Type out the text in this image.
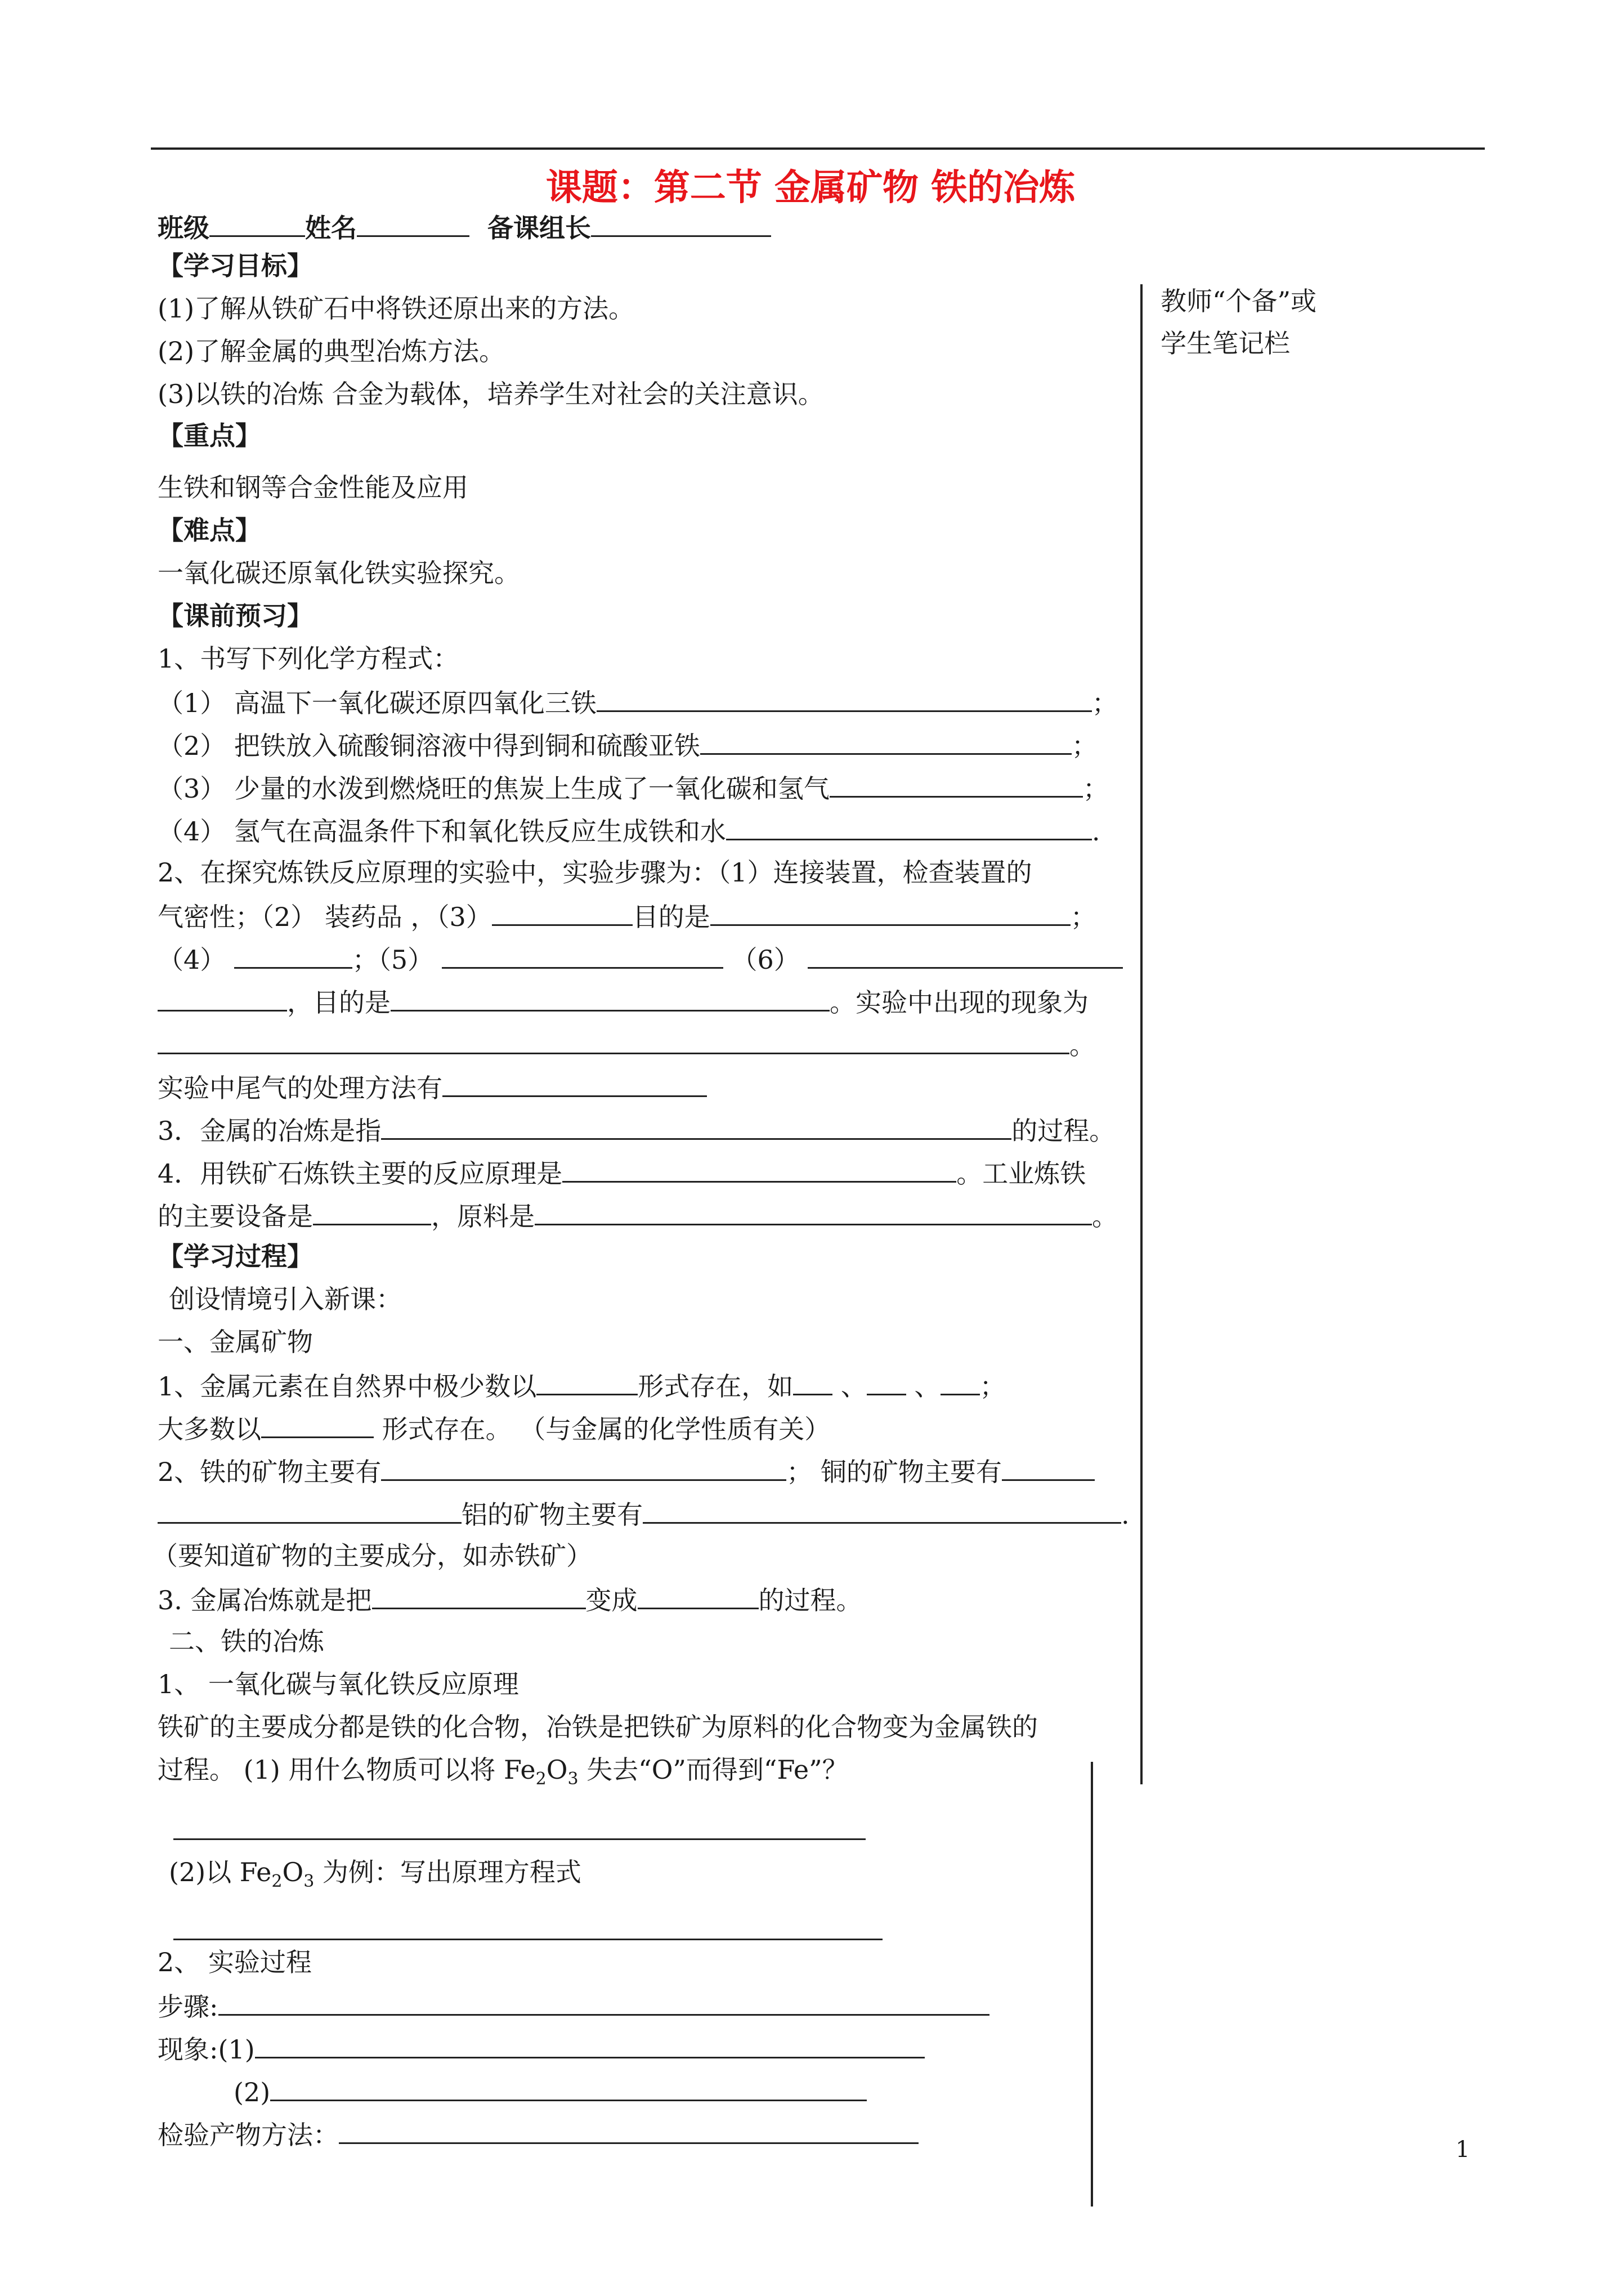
课题：第二节 金属矿物 铁的冶炼
班级	姓名	备课组长
教师“个备”或
学生笔记栏
【学习目标】
(1)了解从铁矿石中将铁还原出来的方法。
(2)了解金属的典型冶炼方法。
(3)以铁的冶炼 合金为载体，培养学生对社会的关注意识。
【重点】
生铁和钢等合金性能及应用
【难点】
一氧化碳还原氧化铁实验探究。
【课前预习】
1、书写下列化学方程式：
（1） 高温下一氧化碳还原四氧化三铁	；
（2） 把铁放入硫酸铜溶液中得到铜和硫酸亚铁	；
（3） 少量的水泼到燃烧旺的焦炭上生成了一氧化碳和氢气	；
（4） 氢气在高温条件下和氧化铁反应生成铁和水	.
2、在探究炼铁反应原理的实验中，实验步骤为：（1）连接装置，检查装置的
气密性；（2） 装药品 ，（3）	目的是	；
（4）	；（5）	（6）
，目的是	。实验中出现的现象为
。
实验中尾气的处理方法有
3．金属的冶炼是指	的过程。
4．用铁矿石炼铁主要的反应原理是	。工业炼铁
的主要设备是	，原料是	。
【学习过程】
创设情境引入新课：
一、金属矿物
1、金属元素在自然界中极少数以	形式存在，如 、 、 ；
大多数以	形式存在。 （与金属的化学性质有关）
2、铁的矿物主要有	； 铜的矿物主要有
铝的矿物主要有	.
（要知道矿物的主要成分，如赤铁矿）
3. 金属冶炼就是把	变成	的过程。
二、铁的冶炼
1、 一氧化碳与氧化铁反应原理
铁矿的主要成分都是铁的化合物，冶铁是把铁矿为原料的化合物变为金属铁的
过程。 (1) 用什么物质可以将 $Fe_2O_3$ 失去“O”而得到“Fe”？
(2)以 $Fe_2O_3$ 为例：写出原理方程式
2、 实验过程
步骤:
现象:(1)
(2)
检验产物方法：	1
